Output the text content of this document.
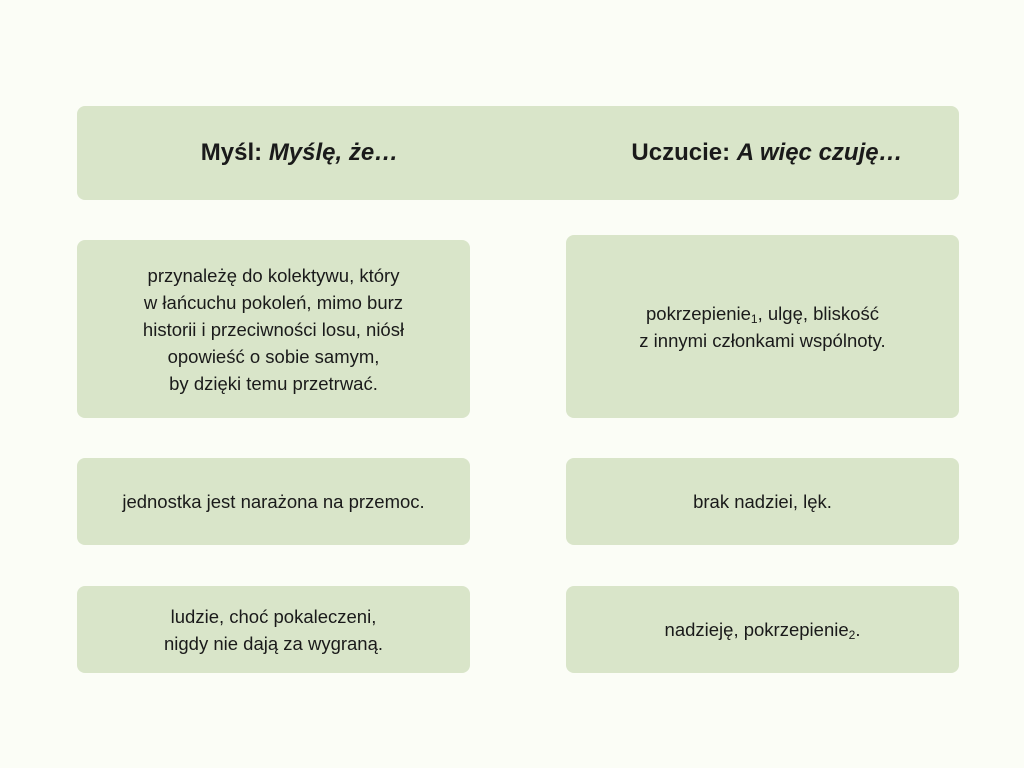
Myśl:
Myślę, że…	Uczucie:
A więc czuję…

przynależę do kolektywu, który

w łańcuchu pokoleń, mimo burz

historii i przeciwności losu, niósł

opowieść o sobie samym,

by dzięki temu przetrwać.

pokrzepienie$_1$, ulgę, bliskość

z innymi członkami wspólnoty.

jednostka jest narażona na przemoc.	brak nadziei, lęk.

ludzie, choć pokaleczeni,

nigdy nie dają za wygraną.

nadzieję, pokrzepienie$_2$.
